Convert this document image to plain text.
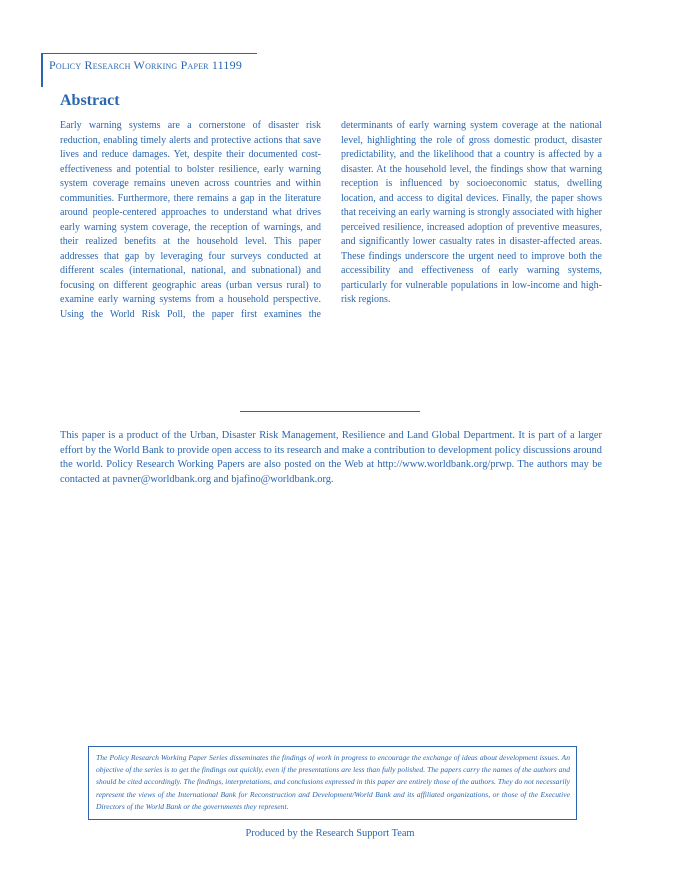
Policy Research Working Paper 11199
Abstract

Early warning systems are a cornerstone of disaster risk reduction, enabling timely alerts and protective actions that save lives and reduce damages. Yet, despite their documented cost-effectiveness and potential to bolster resilience, early warning system coverage remains uneven across countries and within communities. Furthermore, there remains a gap in the literature around people-centered approaches to understand what drives early warning system coverage, the reception of warnings, and their realized benefits at the household level. This paper addresses that gap by leveraging four surveys conducted at different scales (international, national, and subnational) and focusing on different geographic areas (urban versus rural) to examine early warning systems from a household perspective. Using the World Risk Poll, the paper first examines the determinants of early warning system coverage at the national level, highlighting the role of gross domestic product, disaster predictability, and the likelihood that a country is affected by a disaster. At the household level, the findings show that warning reception is influenced by socioeconomic status, dwelling location, and access to digital devices. Finally, the paper shows that receiving an early warning is strongly associated with higher perceived resilience, increased adoption of preventive measures, and significantly lower casualty rates in disaster-affected areas. These findings underscore the urgent need to improve both the accessibility and effectiveness of early warning systems, particularly for vulnerable populations in low-income and high-risk regions.

This paper is a product of the Urban, Disaster Risk Management, Resilience and Land Global Department. It is part of a larger effort by the World Bank to provide open access to its research and make a contribution to development policy discussions around the world. Policy Research Working Papers are also posted on the Web at http://www.worldbank.org/prwp. The authors may be contacted at pavner@worldbank.org and bjafino@worldbank.org.

The Policy Research Working Paper Series disseminates the findings of work in progress to encourage the exchange of ideas about development issues. An objective of the series is to get the findings out quickly, even if the presentations are less than fully polished. The papers carry the names of the authors and should be cited accordingly. The findings, interpretations, and conclusions expressed in this paper are entirely those of the authors. They do not necessarily represent the views of the International Bank for Reconstruction and Development/World Bank and its affiliated organizations, or those of the Executive Directors of the World Bank or the governments they represent.

Produced by the Research Support Team
